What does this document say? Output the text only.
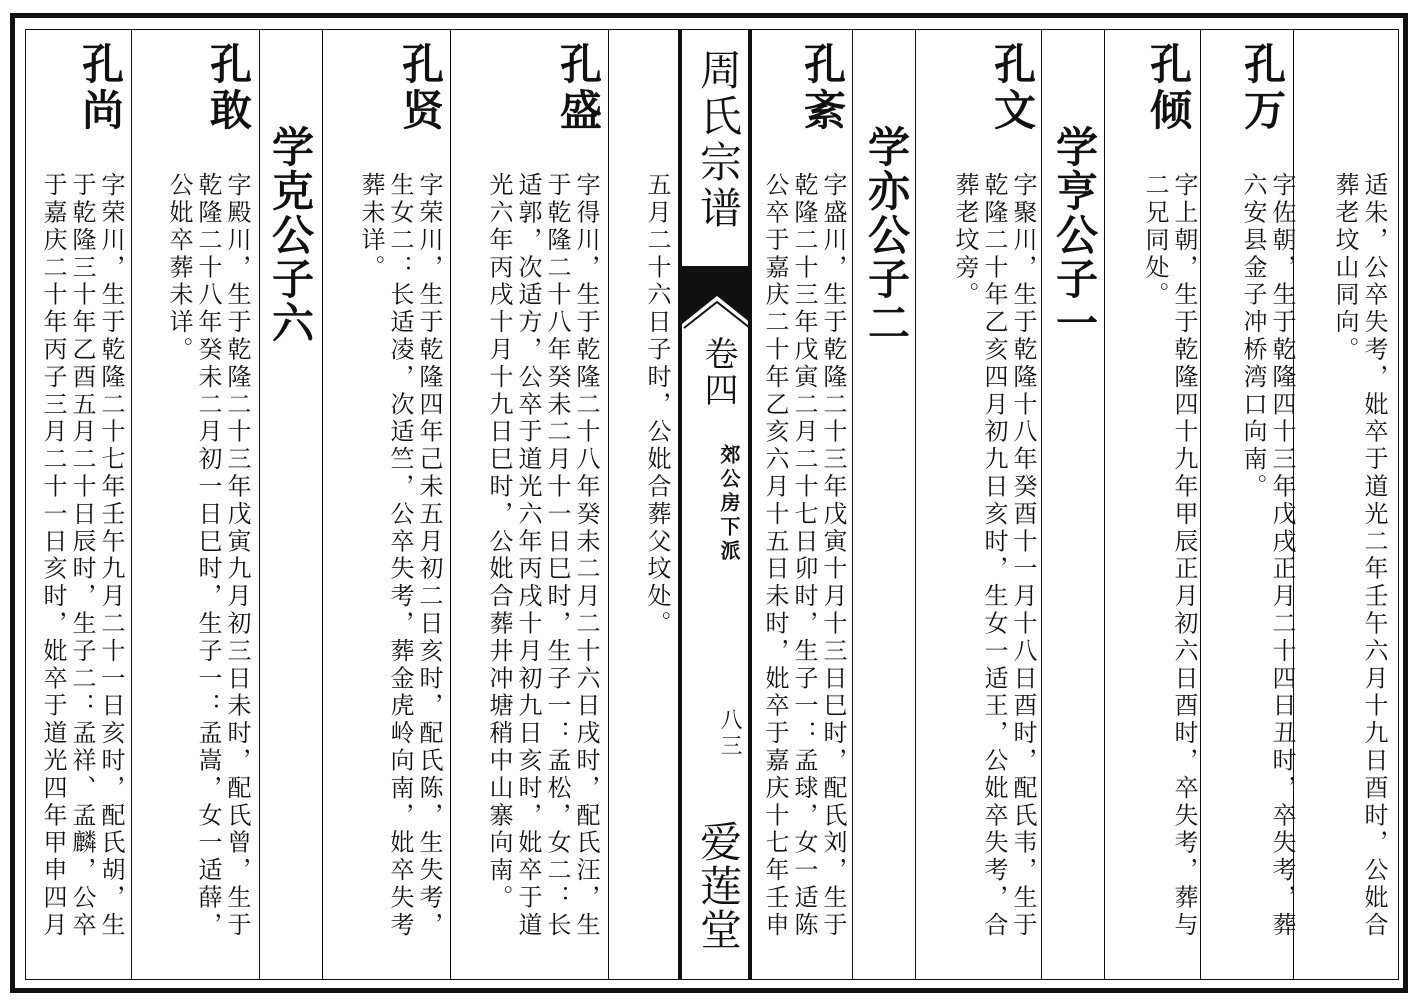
周氏宗谱
卷四
郊公房下派
八三
爱莲堂	适朱，公卒失考，妣卒于道光二年壬午六月十九日酉时，公妣合
葬老坟山同向。
孔万
字佐朝，生于乾隆四十三年戊戌正月二十四日丑时，卒失考，葬
六安县金子冲桥湾口向南。
孔倾
字上朝，生于乾隆四十九年甲辰正月初六日酉时，卒失考，葬与
二兄同处。
学亨公子一
孔文
字聚川，生于乾隆十八年癸酉十一月十八日酉时，配氏韦，生于
乾隆二十年乙亥四月初九日亥时，生女一适王，公妣卒失考，合
葬老坟旁。
学亦公子二
孔紊
字盛川，生于乾隆二十三年戊寅十月十三日巳时，配氏刘，生于
乾隆二十三年戊寅二月二十七日卯时，生子一：孟球，女一适陈
公卒于嘉庆二十年乙亥六月十五日未时，妣卒于嘉庆十七年壬申
五月二十六日子时，公妣合葬父坟处。
孔盛
字得川，生于乾隆二十八年癸未二月二十六日戌时，配氏汪，生
于乾隆二十八年癸未二月十一日巳时，生子一：孟松，女二：长
适郭，次适方，公卒于道光六年丙戌十月初九日亥时，妣卒于道
光六年丙戌十月十九日巳时，公妣合葬井冲塘稍中山寨向南。
孔贤
字荣川，生于乾隆四年己未五月初二日亥时，配氏陈，生失考，
生女二：长适凌，次适竺，公卒失考，葬金虎岭向南，妣卒失考
葬未详。
学克公子六
孔敢
字殿川，生于乾隆二十三年戊寅九月初三日未时，配氏曾，生于
乾隆二十八年癸未二月初一日巳时，生子一：孟嵩，女一适薛，
公妣卒葬未详。
孔尚
字荣川，生于乾隆二十七年壬午九月二十一日亥时，配氏胡，生
于乾隆三十年乙酉五月二十日辰时，生子二：孟祥、孟麟，公卒
于嘉庆二十年丙子三月二十一日亥时，妣卒于道光四年甲申四月
